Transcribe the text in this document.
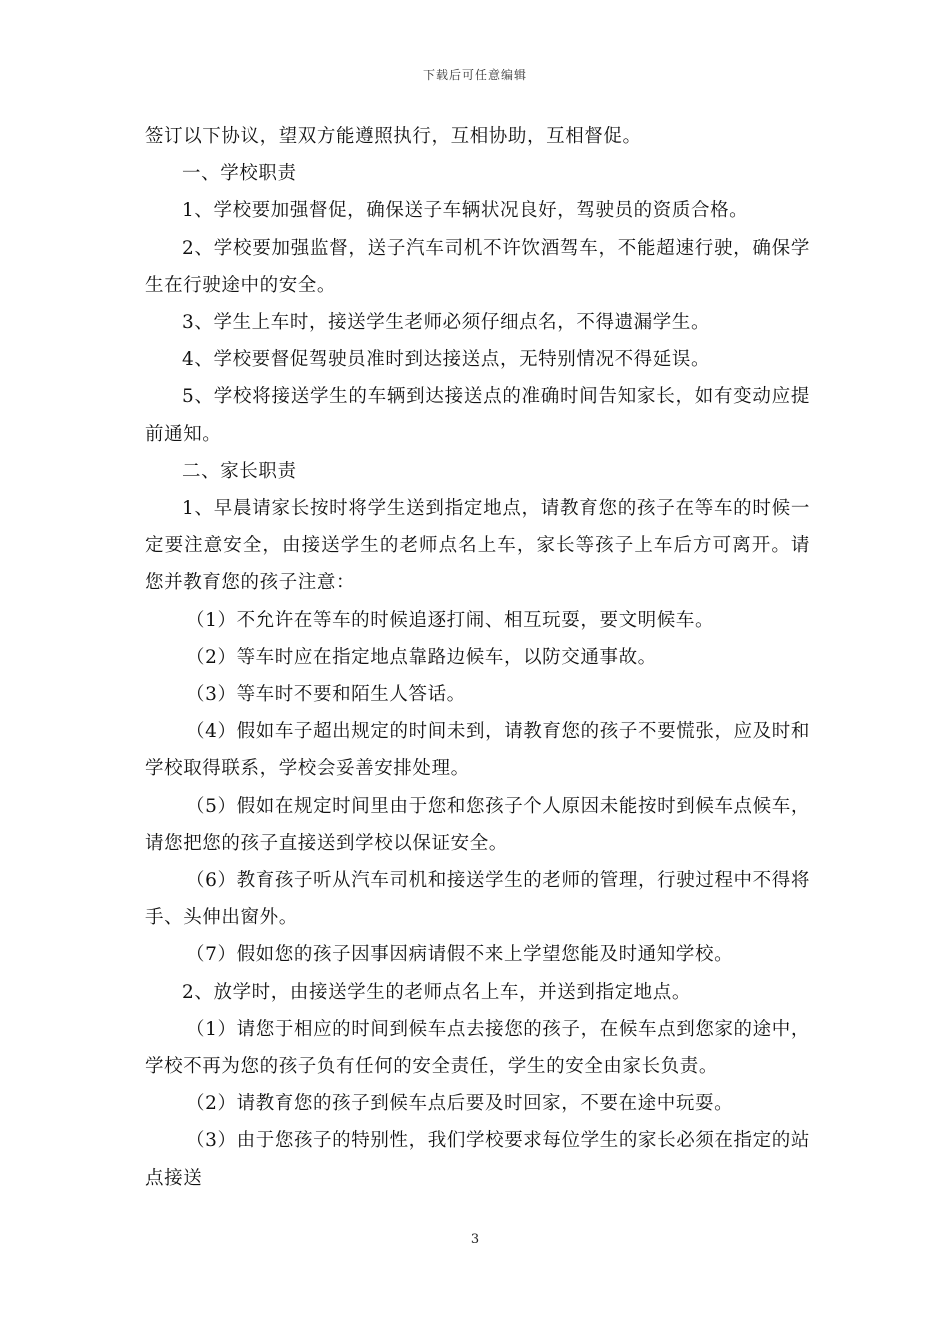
下载后可任意编辑

签订以下协议，望双方能遵照执行，互相协助，互相督促。

一、学校职责

1、学校要加强督促，确保送子车辆状况良好，驾驶员的资质合格。

2、学校要加强监督，送子汽车司机不许饮酒驾车，不能超速行驶，确保学生在行驶途中的安全。

3、学生上车时，接送学生老师必须仔细点名，不得遗漏学生。

4、学校要督促驾驶员准时到达接送点，无特别情况不得延误。

5、学校将接送学生的车辆到达接送点的准确时间告知家长，如有变动应提前通知。

二、家长职责

1、早晨请家长按时将学生送到指定地点，请教育您的孩子在等车的时候一定要注意安全，由接送学生的老师点名上车，家长等孩子上车后方可离开。请您并教育您的孩子注意：

（1）不允许在等车的时候追逐打闹、相互玩耍，要文明候车。

（2）等车时应在指定地点靠路边候车，以防交通事故。

（3）等车时不要和陌生人答话。

（4）假如车子超出规定的时间未到，请教育您的孩子不要慌张，应及时和学校取得联系，学校会妥善安排处理。

（5）假如在规定时间里由于您和您孩子个人原因未能按时到候车点候车，请您把您的孩子直接送到学校以保证安全。

（6）教育孩子听从汽车司机和接送学生的老师的管理，行驶过程中不得将手、头伸出窗外。

（7）假如您的孩子因事因病请假不来上学望您能及时通知学校。

2、放学时，由接送学生的老师点名上车，并送到指定地点。

（1）请您于相应的时间到候车点去接您的孩子，在候车点到您家的途中，学校不再为您的孩子负有任何的安全责任，学生的安全由家长负责。

（2）请教育您的孩子到候车点后要及时回家，不要在途中玩耍。

（3）由于您孩子的特别性，我们学校要求每位学生的家长必须在指定的站点接送

3
